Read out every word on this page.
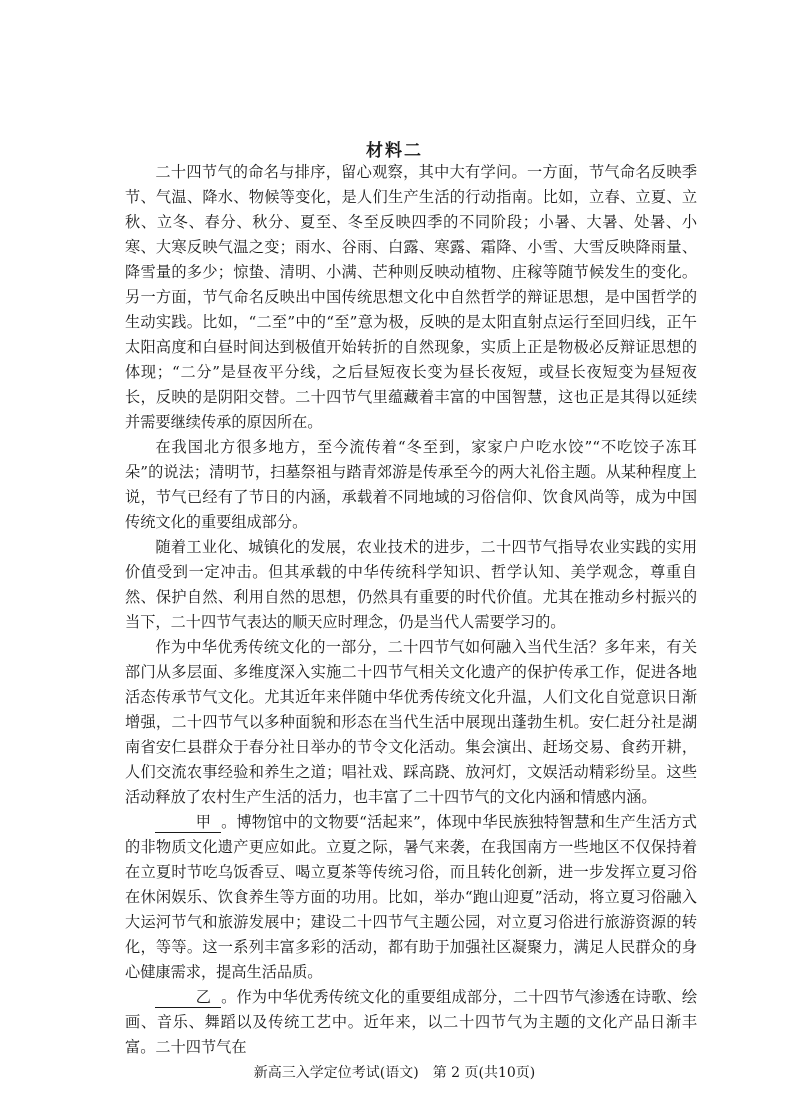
材料二

二十四节气的命名与排序，留心观察，其中大有学问。一方面，节气命名反映季节、气温、降水、物候等变化，是人们生产生活的行动指南。比如，立春、立夏、立秋、立冬、春分、秋分、夏至、冬至反映四季的不同阶段；小暑、大暑、处暑、小寒、大寒反映气温之变；雨水、谷雨、白露、寒露、霜降、小雪、大雪反映降雨量、降雪量的多少；惊蛰、清明、小满、芒种则反映动植物、庄稼等随节候发生的变化。另一方面，节气命名反映出中国传统思想文化中自然哲学的辩证思想，是中国哲学的生动实践。比如，“二至”中的“至”意为极，反映的是太阳直射点运行至回归线，正午太阳高度和白昼时间达到极值开始转折的自然现象，实质上正是物极必反辩证思想的体现；“二分”是昼夜平分线，之后昼短夜长变为昼长夜短，或昼长夜短变为昼短夜长，反映的是阴阳交替。二十四节气里蕴藏着丰富的中国智慧，这也正是其得以延续并需要继续传承的原因所在。

在我国北方很多地方，至今流传着“冬至到，家家户户吃水饺”“不吃饺子冻耳朵”的说法；清明节，扫墓祭祖与踏青郊游是传承至今的两大礼俗主题。从某种程度上说，节气已经有了节日的内涵，承载着不同地域的习俗信仰、饮食风尚等，成为中国传统文化的重要组成部分。

随着工业化、城镇化的发展，农业技术的进步，二十四节气指导农业实践的实用价值受到一定冲击。但其承载的中华传统科学知识、哲学认知、美学观念，尊重自然、保护自然、利用自然的思想，仍然具有重要的时代价值。尤其在推动乡村振兴的当下，二十四节气表达的顺天应时理念，仍是当代人需要学习的。

作为中华优秀传统文化的一部分，二十四节气如何融入当代生活？多年来，有关部门从多层面、多维度深入实施二十四节气相关文化遗产的保护传承工作，促进各地活态传承节气文化。尤其近年来伴随中华优秀传统文化升温，人们文化自觉意识日渐增强，二十四节气以多种面貌和形态在当代生活中展现出蓬勃生机。安仁赶分社是湖南省安仁县群众于春分社日举办的节令文化活动。集会演出、赶场交易、食药开耕，人们交流农事经验和养生之道；唱社戏、踩高跷、放河灯，文娱活动精彩纷呈。这些活动释放了农村生产生活的活力，也丰富了二十四节气的文化内涵和情感内涵。

甲 。博物馆中的文物要“活起来”，体现中华民族独特智慧和生产生活方式的非物质文化遗产更应如此。立夏之际，暑气来袭，在我国南方一些地区不仅保持着在立夏时节吃乌饭香豆、喝立夏茶等传统习俗，而且转化创新，进一步发挥立夏习俗在休闲娱乐、饮食养生等方面的功用。比如，举办“跑山迎夏”活动，将立夏习俗融入大运河节气和旅游发展中；建设二十四节气主题公园，对立夏习俗进行旅游资源的转化，等等。这一系列丰富多彩的活动，都有助于加强社区凝聚力，满足人民群众的身心健康需求，提高生活品质。

乙 。作为中华优秀传统文化的重要组成部分，二十四节气渗透在诗歌、绘画、音乐、舞蹈以及传统工艺中。近年来，以二十四节气为主题的文化产品日渐丰富。二十四节气在

新高三入学定位考试(语文)　第 2 页(共10页)
